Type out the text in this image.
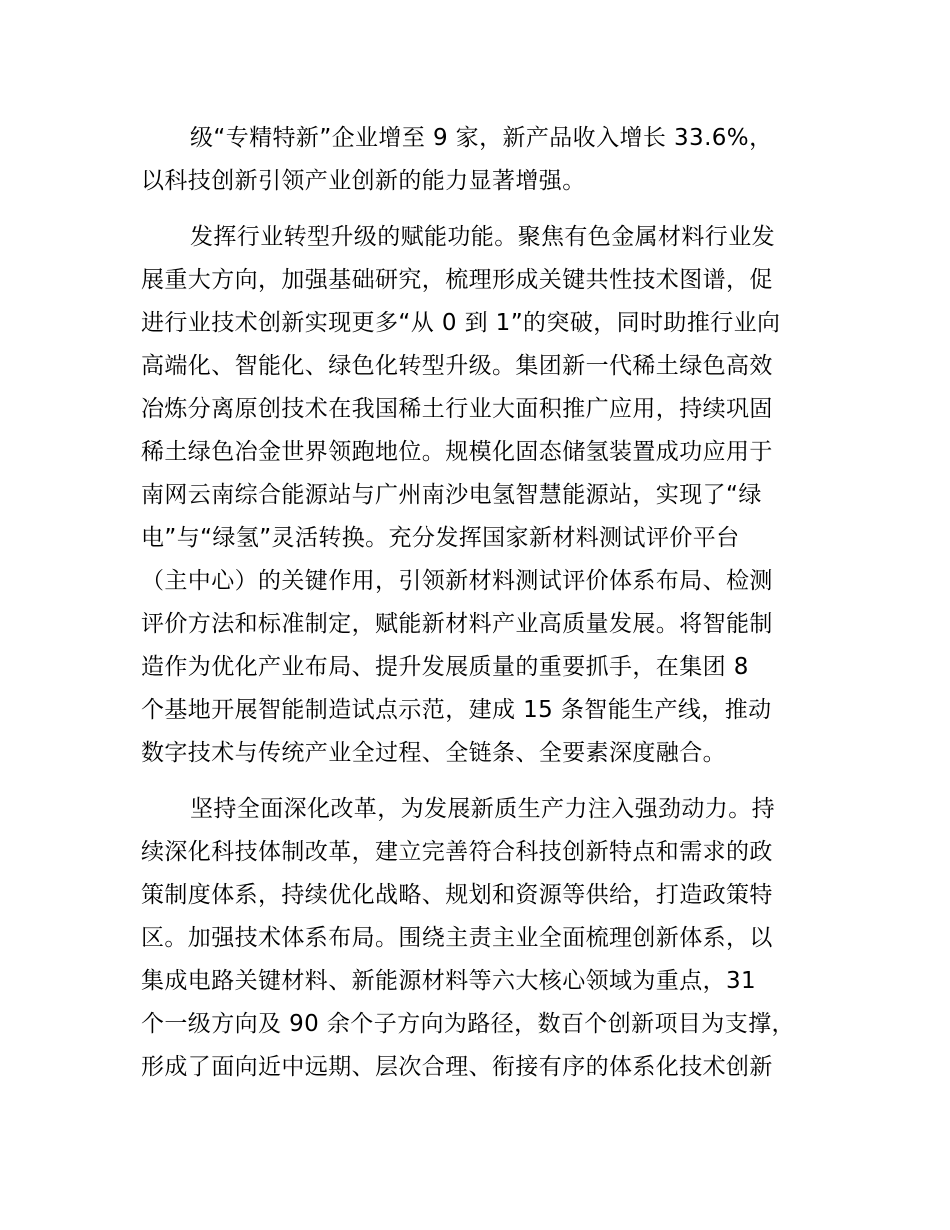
级“专精特新”企业增至 9 家，新产品收入增长 33.6%，
以科技创新引领产业创新的能力显著增强。
发挥行业转型升级的赋能功能。聚焦有色金属材料行业发
展重大方向，加强基础研究，梳理形成关键共性技术图谱，促
进行业技术创新实现更多“从 0 到 1”的突破，同时助推行业向
高端化、智能化、绿色化转型升级。集团新一代稀土绿色高效
冶炼分离原创技术在我国稀土行业大面积推广应用，持续巩固
稀土绿色冶金世界领跑地位。规模化固态储氢装置成功应用于
南网云南综合能源站与广州南沙电氢智慧能源站，实现了“绿
电”与“绿氢”灵活转换。充分发挥国家新材料测试评价平台
（主中心）的关键作用，引领新材料测试评价体系布局、检测
评价方法和标准制定，赋能新材料产业高质量发展。将智能制
造作为优化产业布局、提升发展质量的重要抓手，在集团 8
个基地开展智能制造试点示范，建成 15 条智能生产线，推动
数字技术与传统产业全过程、全链条、全要素深度融合。
坚持全面深化改革，为发展新质生产力注入强劲动力。持
续深化科技体制改革，建立完善符合科技创新特点和需求的政
策制度体系，持续优化战略、规划和资源等供给，打造政策特
区。加强技术体系布局。围绕主责主业全面梳理创新体系，以
集成电路关键材料、新能源材料等六大核心领域为重点，31
个一级方向及 90 余个子方向为路径，数百个创新项目为支撑，
形成了面向近中远期、层次合理、衔接有序的体系化技术创新
